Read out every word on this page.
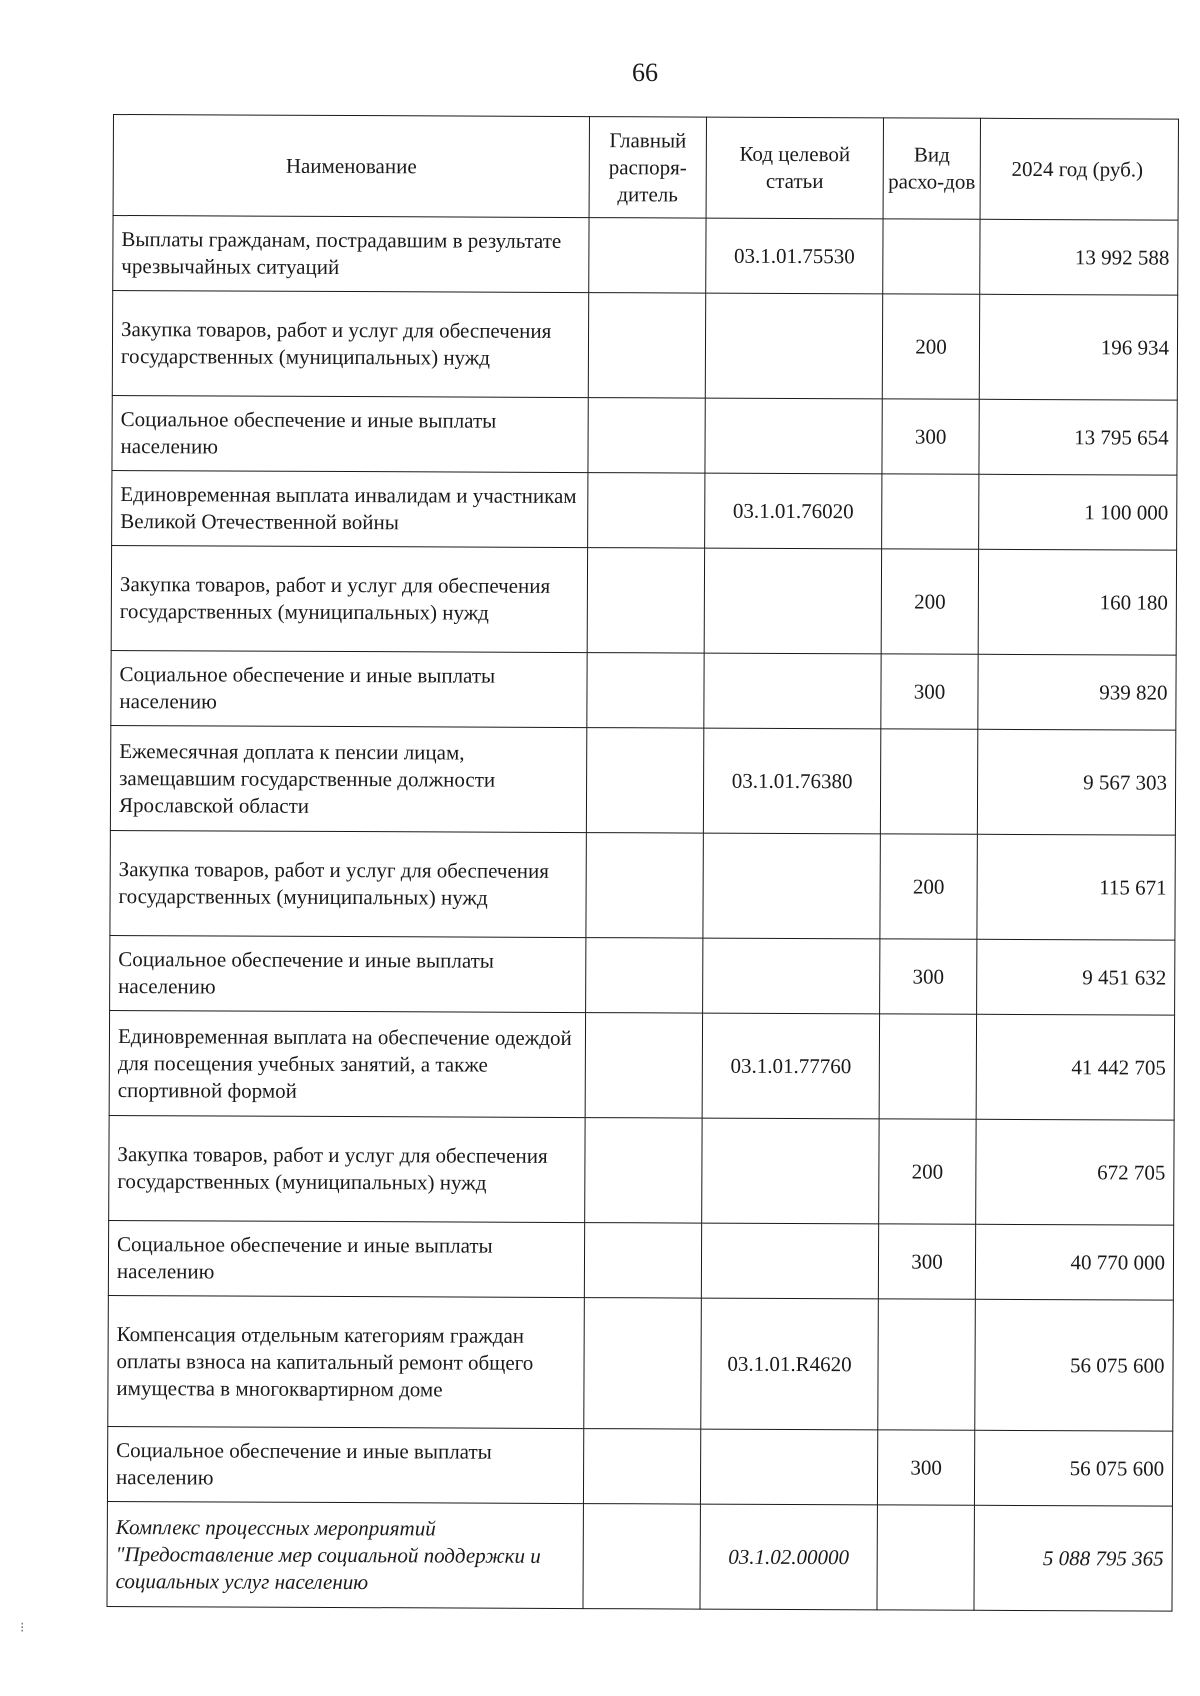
66
Наименование	Главный распоря-дитель	Код целевой статьи	Вид расхо-дов	2024 год (руб.)
Выплаты гражданам, пострадавшим в результате чрезвычайных ситуаций		03.1.01.75530		13 992 588
Закупка товаров, работ и услуг для обеспечения государственных (муниципальных) нужд			200	196 934
Социальное обеспечение и иные выплаты населению			300	13 795 654
Единовременная выплата инвалидам и участникам Великой Отечественной войны		03.1.01.76020		1 100 000
Закупка товаров, работ и услуг для обеспечения государственных (муниципальных) нужд			200	160 180
Социальное обеспечение и иные выплаты населению			300	939 820
Ежемесячная доплата к пенсии лицам, замещавшим государственные должности Ярославской области		03.1.01.76380		9 567 303
Закупка товаров, работ и услуг для обеспечения государственных (муниципальных) нужд			200	115 671
Социальное обеспечение и иные выплаты населению			300	9 451 632
Единовременная выплата на обеспечение одеждой для посещения учебных занятий, а также спортивной формой		03.1.01.77760		41 442 705
Закупка товаров, работ и услуг для обеспечения государственных (муниципальных) нужд			200	672 705
Социальное обеспечение и иные выплаты населению			300	40 770 000
Компенсация отдельным категориям граждан оплаты взноса на капитальный ремонт общего имущества в многоквартирном доме		03.1.01.R4620		56 075 600
Социальное обеспечение и иные выплаты населению			300	56 075 600
Комплекс процессных мероприятий "Предоставление мер социальной поддержки и социальных услуг населению		03.1.02.00000		5 088 795 365
⁝
